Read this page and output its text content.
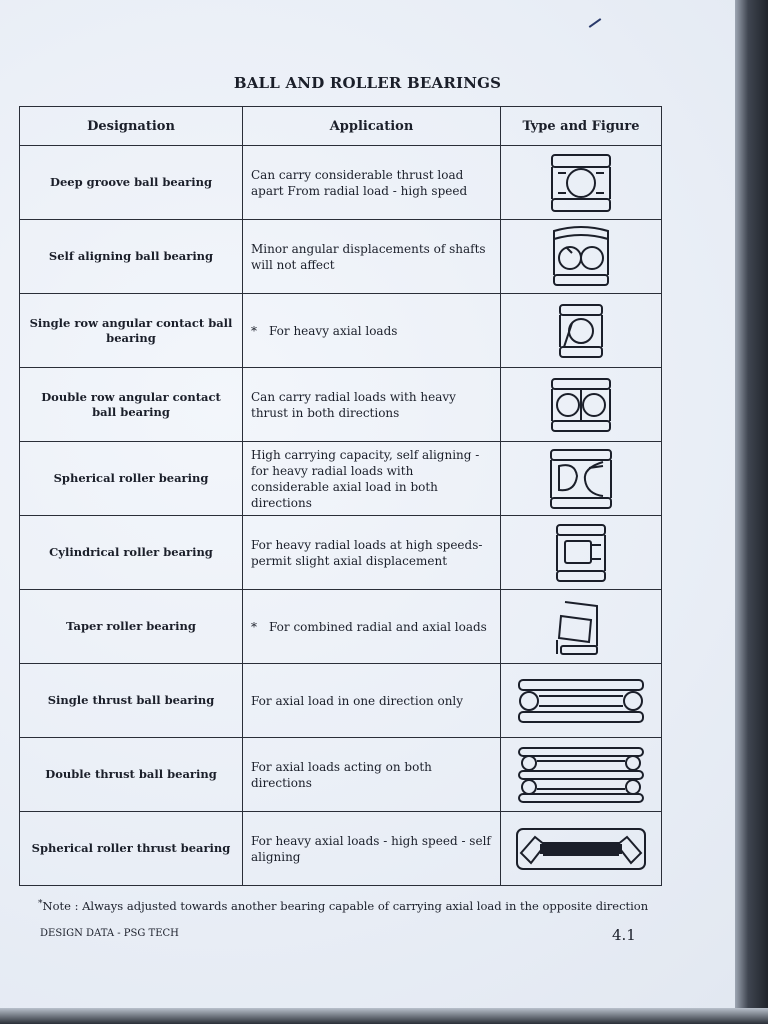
BALL AND ROLLER BEARINGS
Designation	Application	Type and Figure
Deep groove ball bearing	Can carry considerable thrust load apart From radial load - high speed	

Self aligning ball bearing	Minor angular displacements of shafts will not affect	

Single row angular contact ball bearing	* For heavy axial loads	

Double row angular contact ball bearing	Can carry radial loads with heavy thrust in both directions	

Spherical roller bearing	High carrying capacity, self aligning - for heavy radial loads with considerable axial load in both directions	

Cylindrical roller bearing	For heavy radial loads at high speeds-permit slight axial displacement	

Taper roller bearing	* For combined radial and axial loads	

Single thrust ball bearing	For axial load in one direction only	

Double thrust ball bearing	For axial loads acting on both directions	

Spherical roller thrust bearing	For heavy axial loads - high speed - self aligning	
*Note : Always adjusted towards another bearing capable of carrying axial load in the opposite direction
DESIGN DATA - PSG TECH	4.1
